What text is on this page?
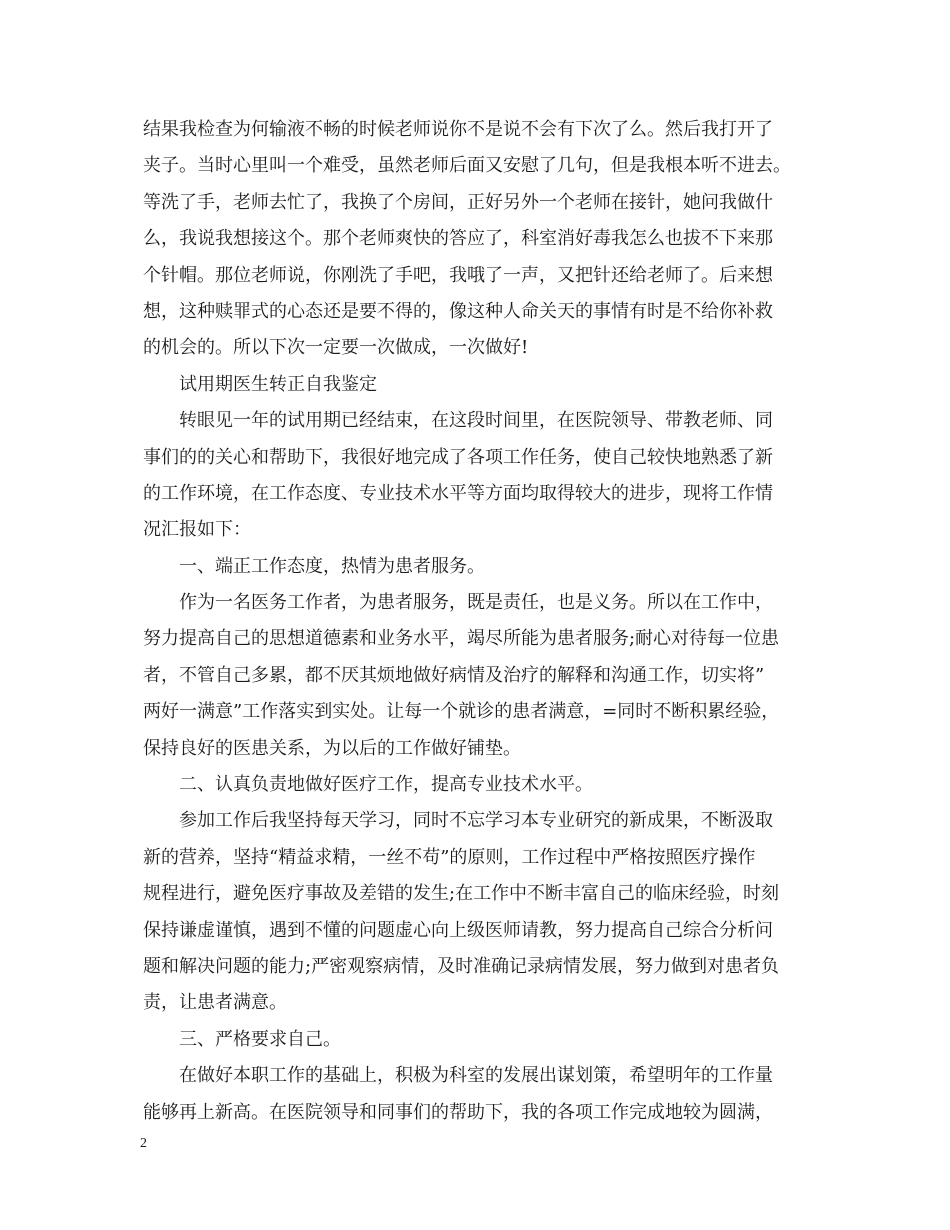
结果我检查为何输液不畅的时候老师说你不是说不会有下次了么。然后我打开了
夹子。当时心里叫一个难受，虽然老师后面又安慰了几句，但是我根本听不进去。
等洗了手，老师去忙了，我换了个房间，正好另外一个老师在接针，她问我做什
么，我说我想接这个。那个老师爽快的答应了，科室消好毒我怎么也拔不下来那
个针帽。那位老师说，你刚洗了手吧，我哦了一声，又把针还给老师了。后来想
想，这种赎罪式的心态还是要不得的，像这种人命关天的事情有时是不给你补救
的机会的。所以下次一定要一次做成，一次做好!
试用期医生转正自我鉴定
转眼见一年的试用期已经结束，在这段时间里，在医院领导、带教老师、同
事们的的关心和帮助下，我很好地完成了各项工作任务，使自己较快地熟悉了新
的工作环境，在工作态度、专业技术水平等方面均取得较大的进步，现将工作情
况汇报如下：
一、端正工作态度，热情为患者服务。
作为一名医务工作者，为患者服务，既是责任，也是义务。所以在工作中，
努力提高自己的思想道德素和业务水平，竭尽所能为患者服务;耐心对待每一位患
者，不管自己多累，都不厌其烦地做好病情及治疗的解释和沟通工作，切实将”
两好一满意”工作落实到实处。让每一个就诊的患者满意，=同时不断积累经验，
保持良好的医患关系，为以后的工作做好铺垫。
二、认真负责地做好医疗工作，提高专业技术水平。
参加工作后我坚持每天学习，同时不忘学习本专业研究的新成果，不断汲取
新的营养，坚持“精益求精，一丝不苟”的原则，工作过程中严格按照医疗操作
规程进行，避免医疗事故及差错的发生;在工作中不断丰富自己的临床经验，时刻
保持谦虚谨慎，遇到不懂的问题虚心向上级医师请教，努力提高自己综合分析问
题和解决问题的能力;严密观察病情，及时准确记录病情发展，努力做到对患者负
责，让患者满意。
三、严格要求自己。
在做好本职工作的基础上，积极为科室的发展出谋划策，希望明年的工作量
能够再上新高。在医院领导和同事们的帮助下，我的各项工作完成地较为圆满，
2
